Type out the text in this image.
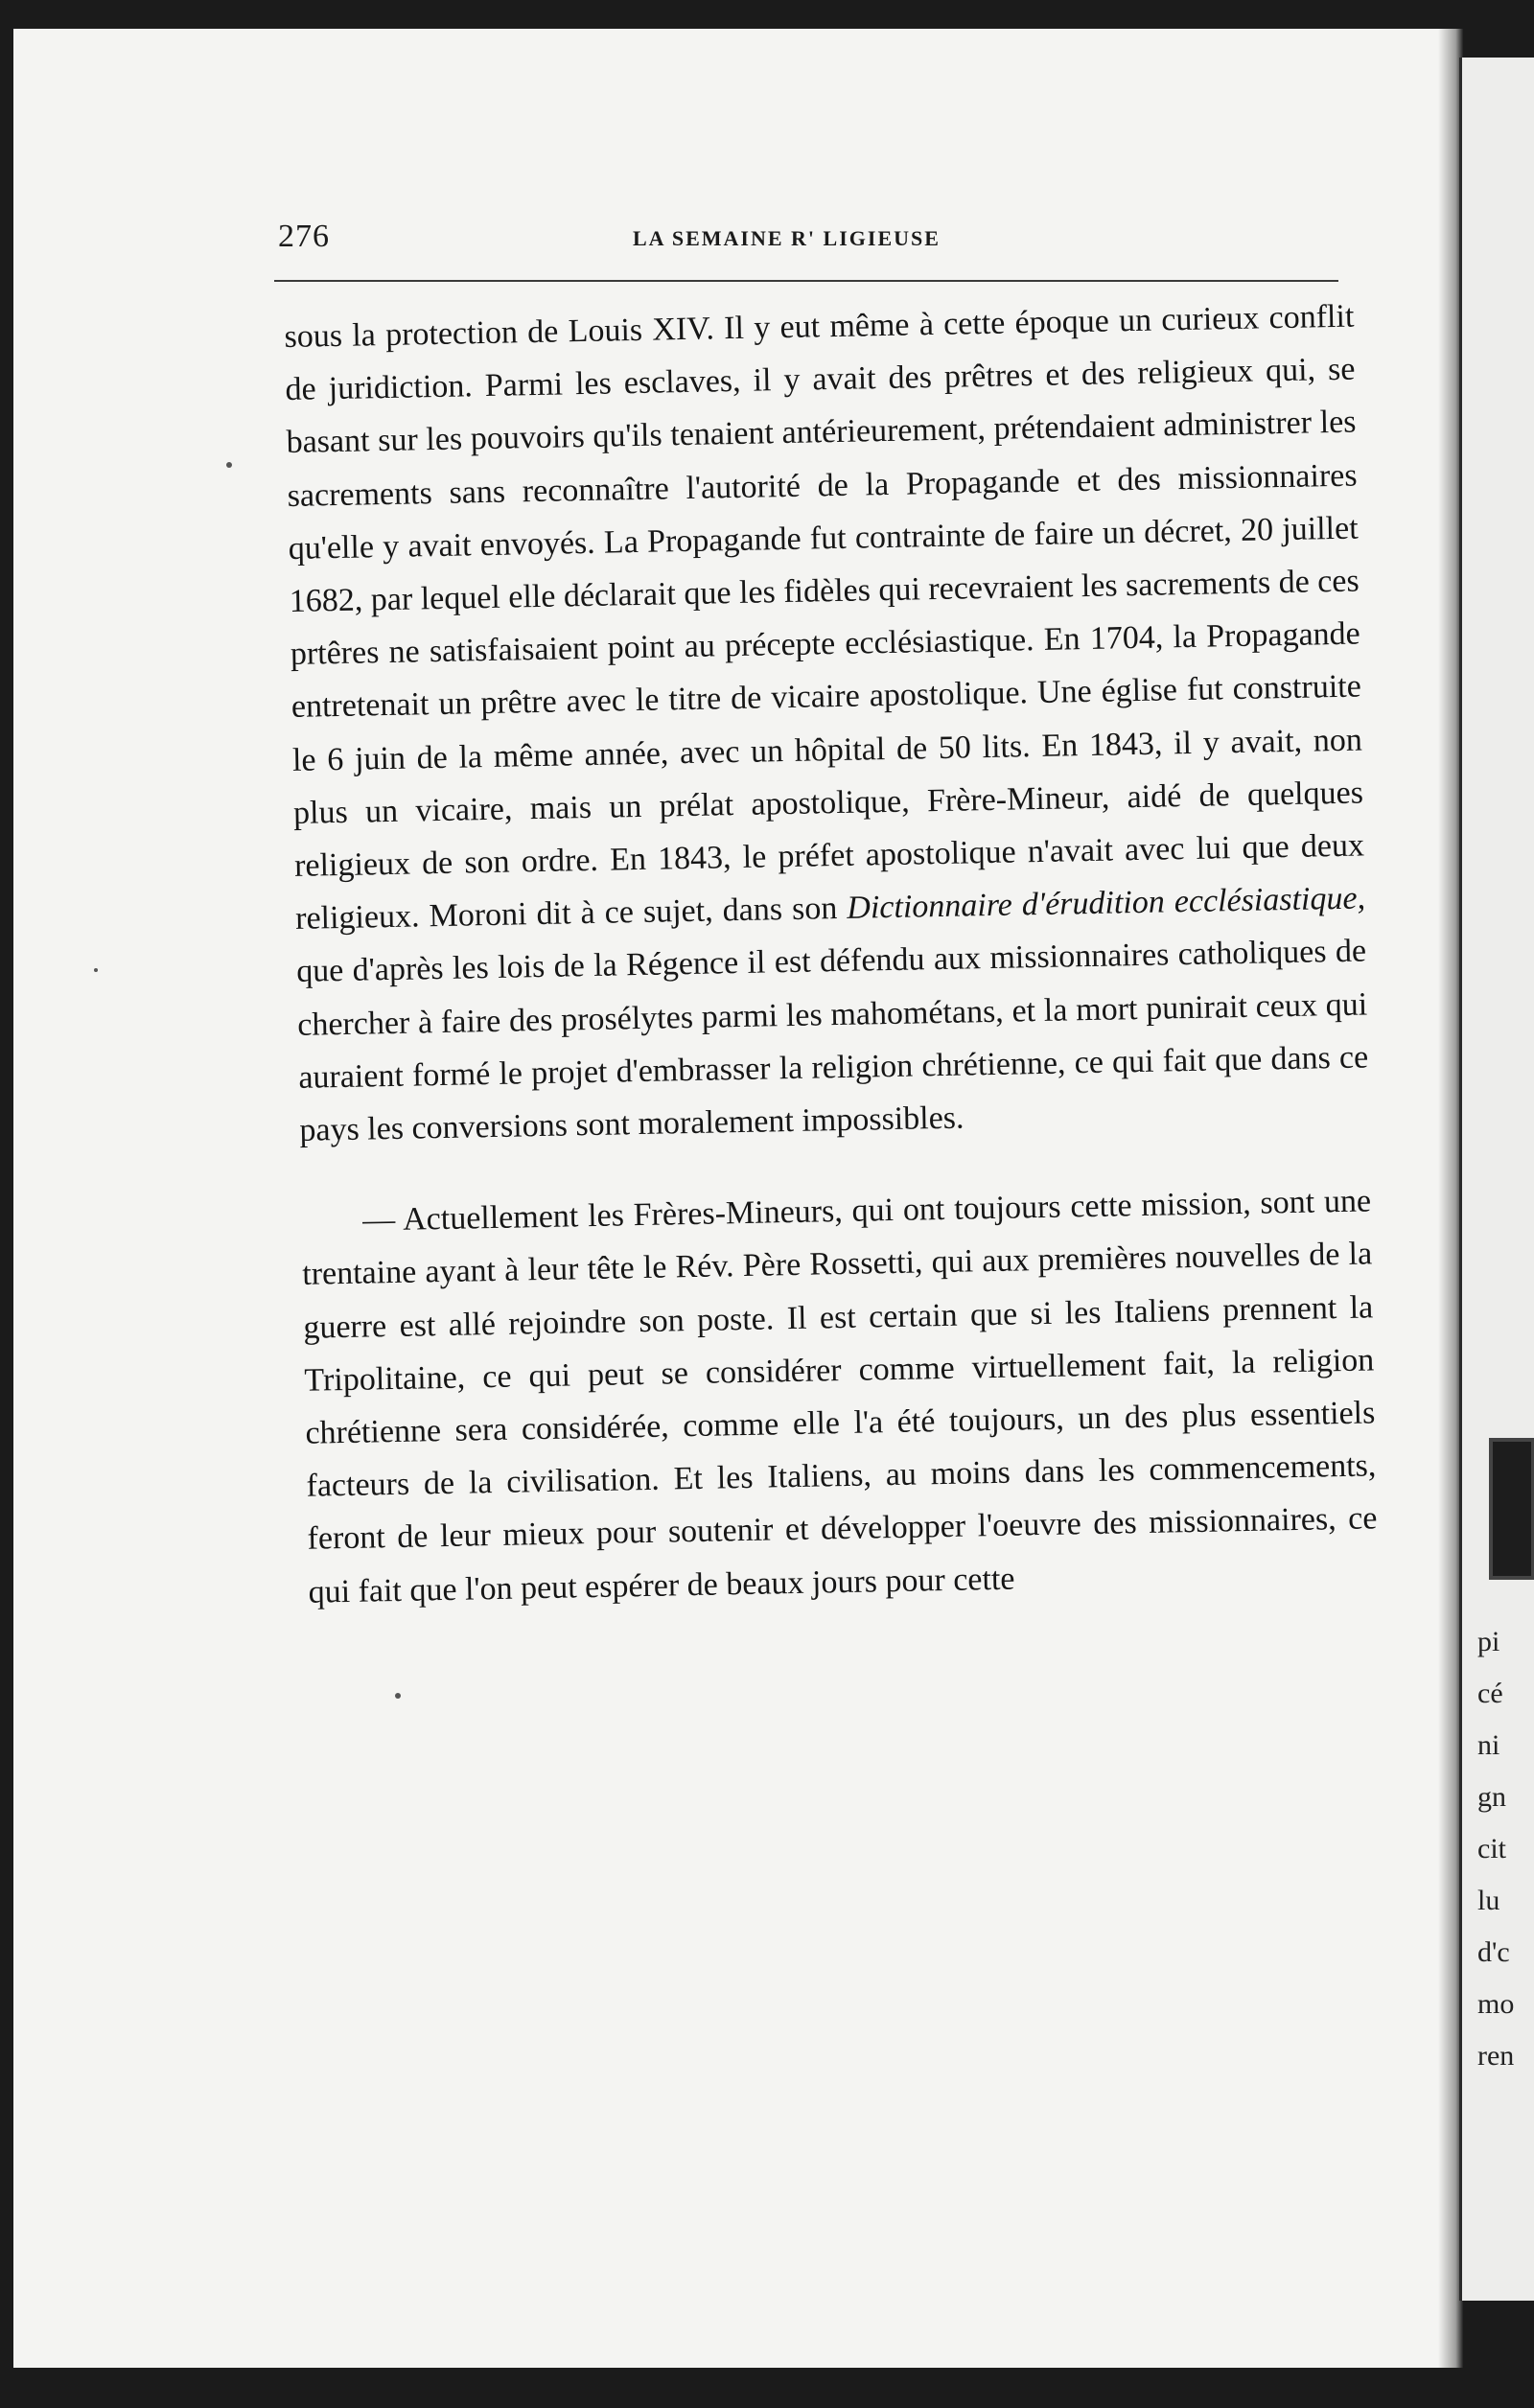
276	LA SEMAINE R' LIGIEUSE

sous la protection de Louis XIV. Il y eut même à cette époque un curieux conflit de juridiction. Parmi les esclaves, il y avait des prêtres et des religieux qui, se basant sur les pouvoirs qu'ils tenaient antérieurement, prétendaient administrer les sacrements sans reconnaître l'autorité de la Propagande et des missionnaires qu'elle y avait envoyés. La Propagande fut contrainte de faire un décret, 20 juillet 1682, par lequel elle déclarait que les fidèles qui recevraient les sacrements de ces prtêres ne satisfaisaient point au précepte ecclésiastique. En 1704, la Propagande entretenait un prêtre avec le titre de vicaire apostolique. Une église fut construite le 6 juin de la même année, avec un hôpital de 50 lits. En 1843, il y avait, non plus un vicaire, mais un prélat apostolique, Frère-Mineur, aidé de quelques religieux de son ordre. En 1843, le préfet apostolique n'avait avec lui que deux religieux. Moroni dit à ce sujet, dans son Dictionnaire d'érudition ecclésiastique, que d'après les lois de la Régence il est défendu aux missionnaires catholiques de chercher à faire des prosélytes parmi les mahométans, et la mort punirait ceux qui auraient formé le projet d'embrasser la religion chrétienne, ce qui fait que dans ce pays les conversions sont moralement impossibles.

— Actuellement les Frères-Mineurs, qui ont toujours cette mission, sont une trentaine ayant à leur tête le Rév. Père Rossetti, qui aux premières nouvelles de la guerre est allé rejoindre son poste. Il est certain que si les Italiens prennent la Tripolitaine, ce qui peut se considérer comme virtuellement fait, la religion chrétienne sera considérée, comme elle l'a été toujours, un des plus essentiels facteurs de la civilisation. Et les Italiens, au moins dans les commencements, feront de leur mieux pour soutenir et développer l'oeuvre des missionnaires, ce qui fait que l'on peut espérer de beaux jours pour cette

pi
cé
ni
gn
cit
lu
d'c
mo
ren
